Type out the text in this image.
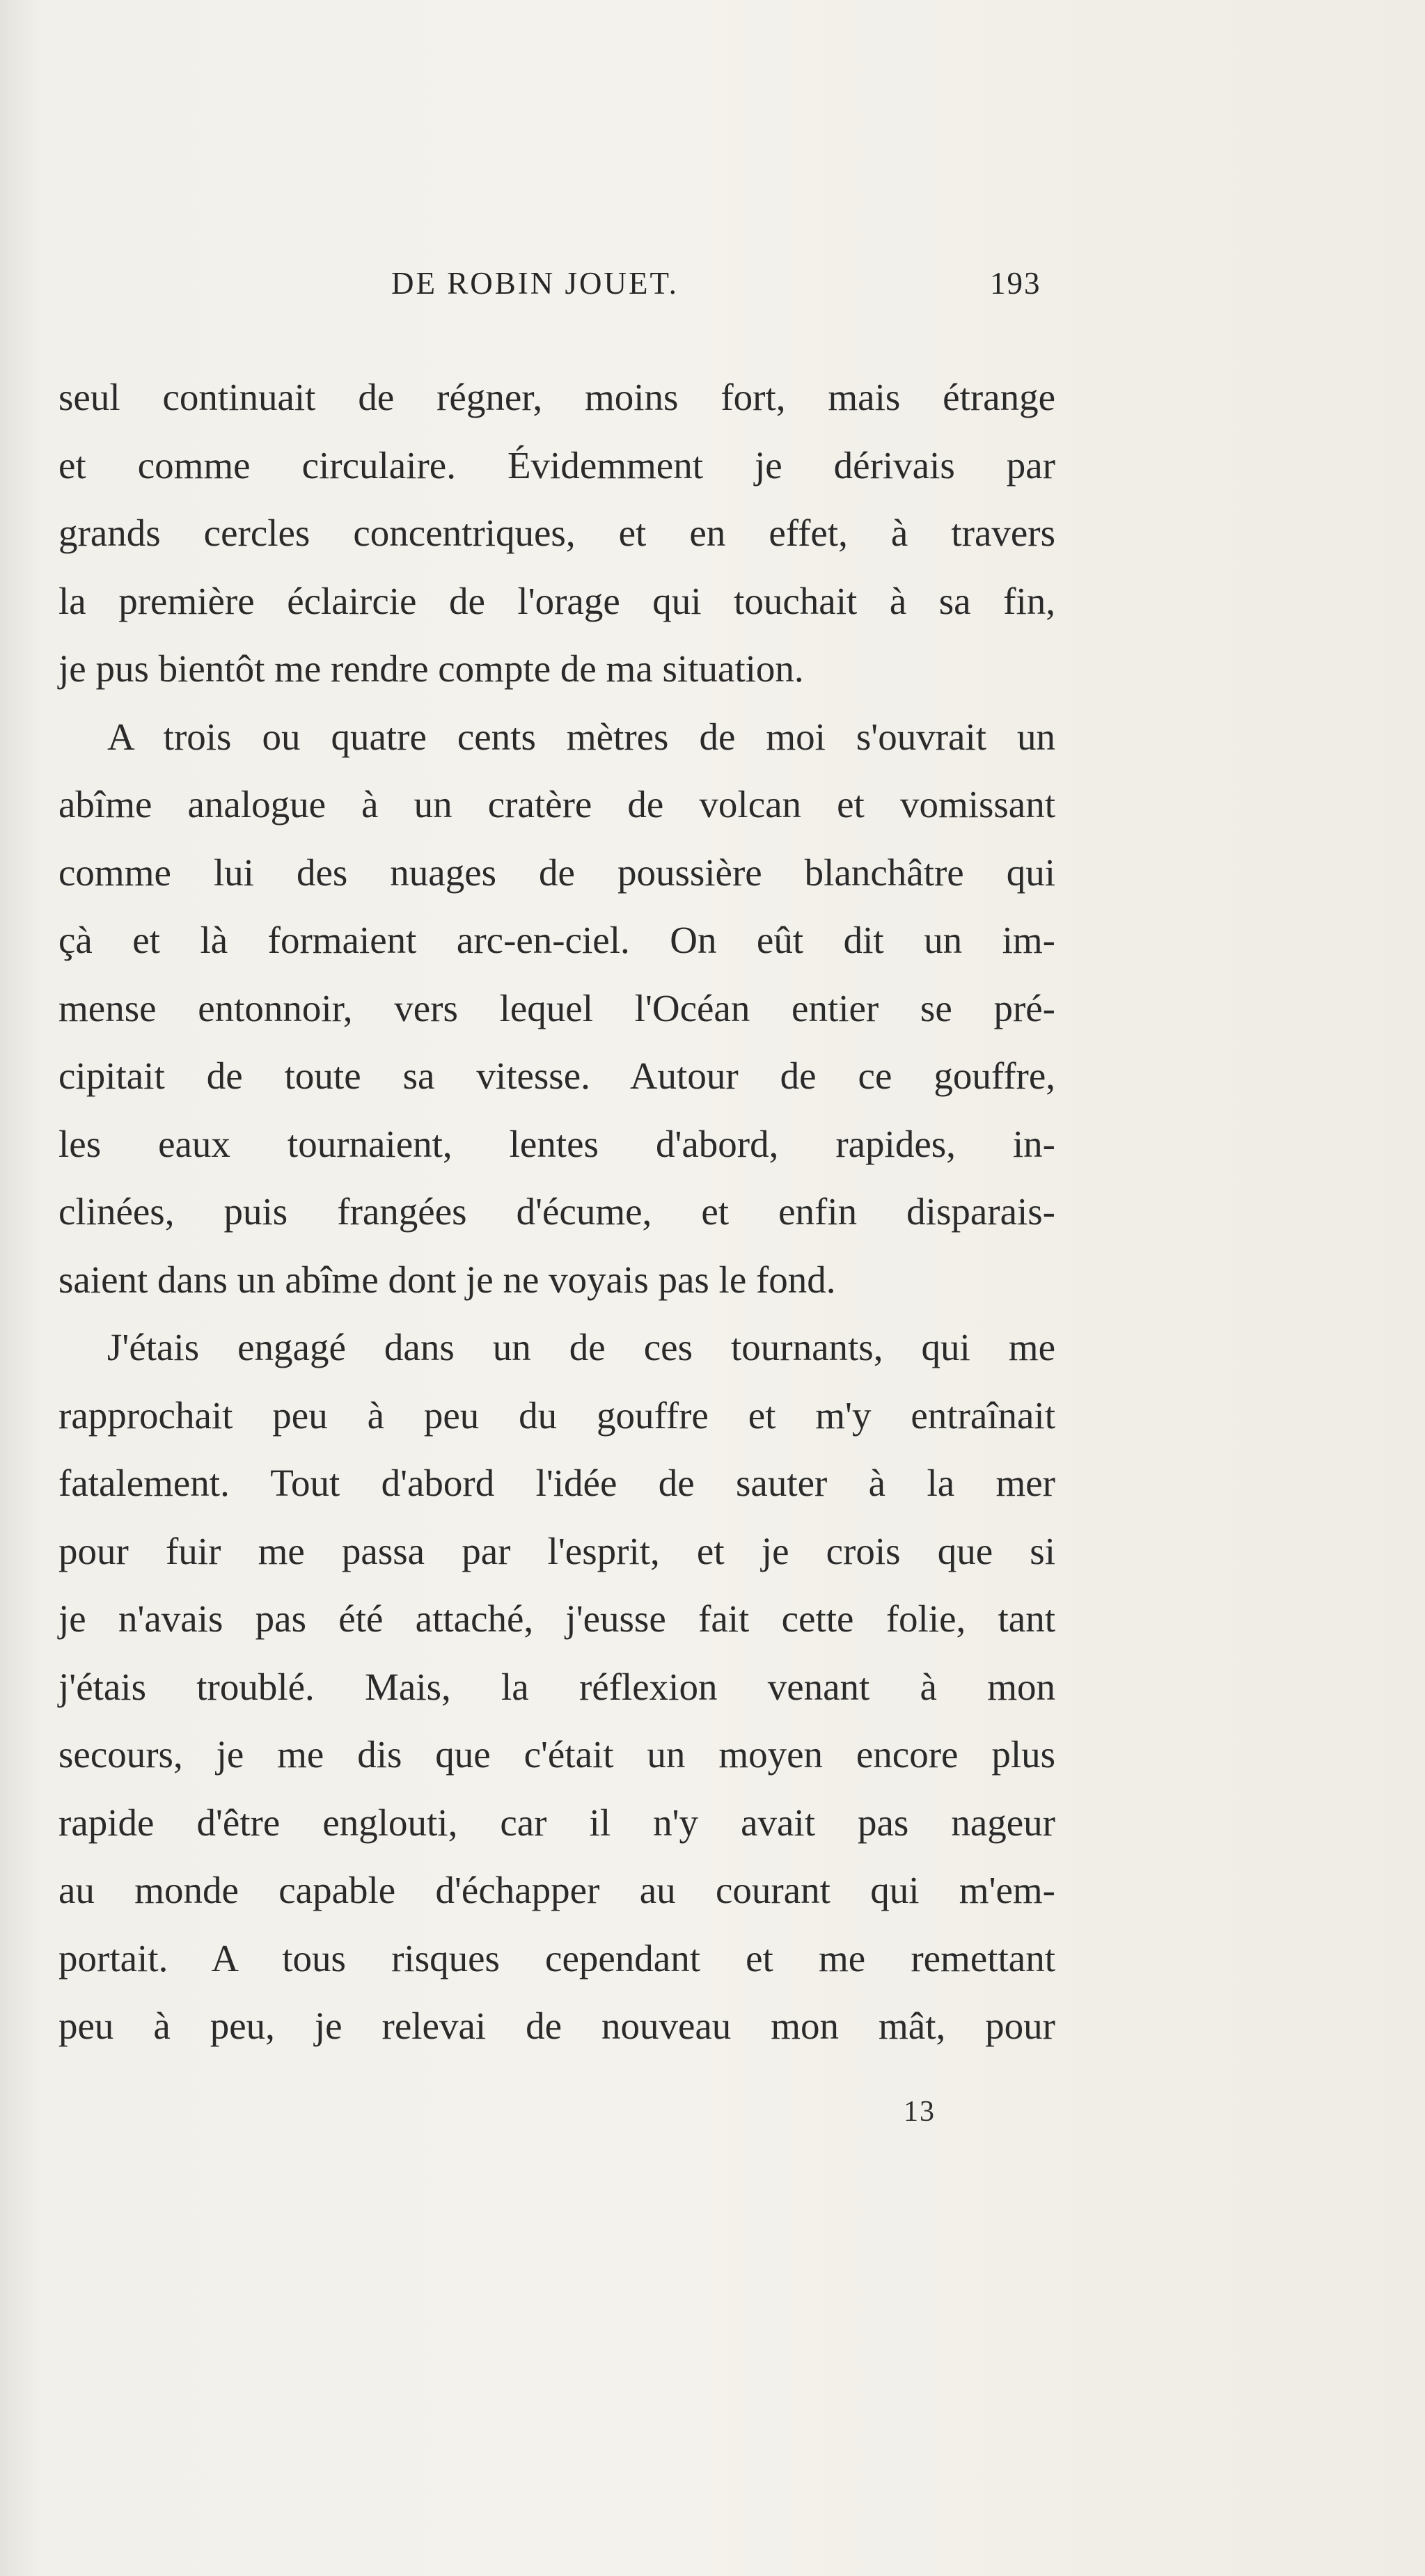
DE ROBIN JOUET.	193
seul continuait de régner, moins fort, mais étrange
et comme circulaire. Évidemment je dérivais par
grands cercles concentriques, et en effet, à travers
la première éclaircie de l'orage qui touchait à sa fin,
je pus bientôt me rendre compte de ma situation.
A trois ou quatre cents mètres de moi s'ouvrait un
abîme analogue à un cratère de volcan et vomissant
comme lui des nuages de poussière blanchâtre qui
çà et là formaient arc-en-ciel. On eût dit un im-
mense entonnoir, vers lequel l'Océan entier se pré-
cipitait de toute sa vitesse. Autour de ce gouffre,
les eaux tournaient, lentes d'abord, rapides, in-
clinées, puis frangées d'écume, et enfin disparais-
saient dans un abîme dont je ne voyais pas le fond.
J'étais engagé dans un de ces tournants, qui me
rapprochait peu à peu du gouffre et m'y entraînait
fatalement. Tout d'abord l'idée de sauter à la mer
pour fuir me passa par l'esprit, et je crois que si
je n'avais pas été attaché, j'eusse fait cette folie, tant
j'étais troublé. Mais, la réflexion venant à mon
secours, je me dis que c'était un moyen encore plus
rapide d'être englouti, car il n'y avait pas nageur
au monde capable d'échapper au courant qui m'em-
portait. A tous risques cependant et me remettant
peu à peu, je relevai de nouveau mon mât, pour
13
